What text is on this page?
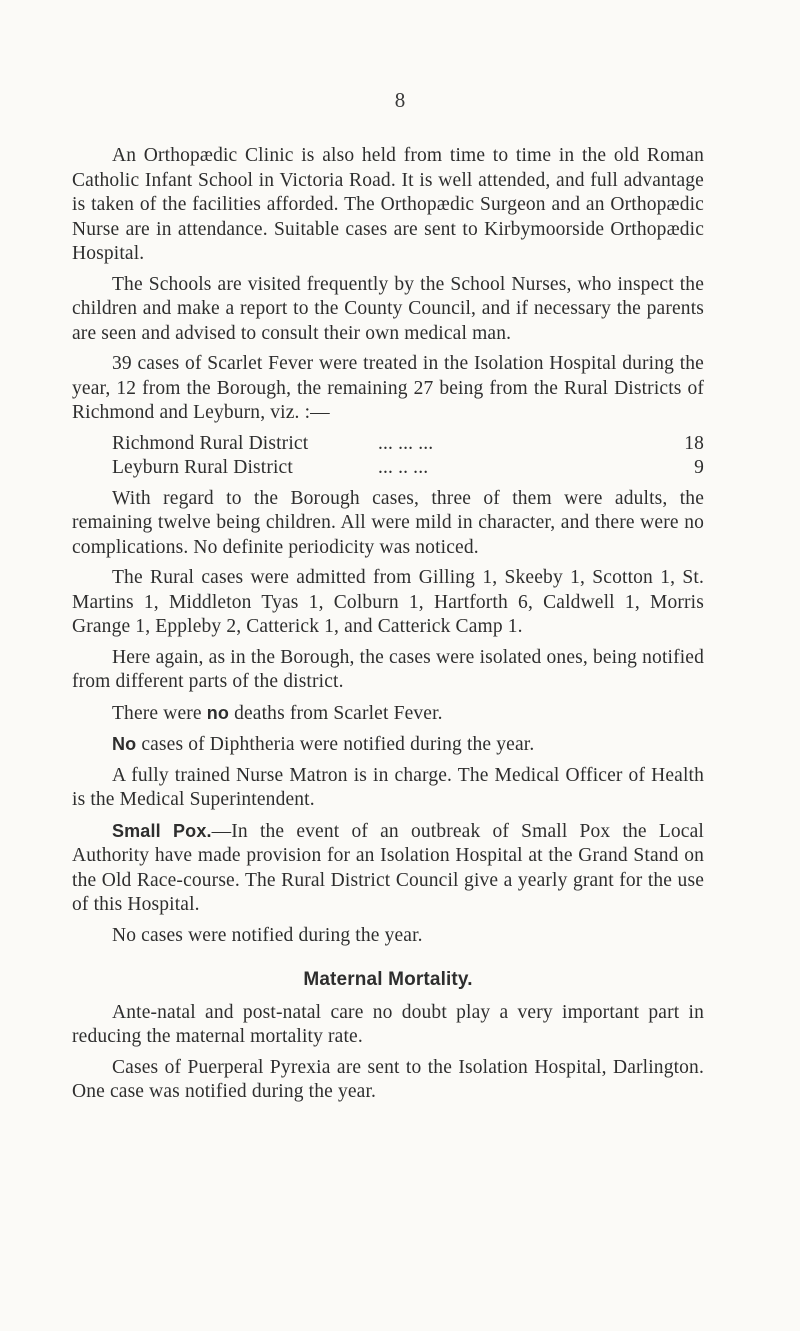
8

An Orthopædic Clinic is also held from time to time in the old Roman Catholic Infant School in Victoria Road. It is well attended, and full advantage is taken of the facilities afforded. The Orthopædic Surgeon and an Orthopædic Nurse are in attendance. Suitable cases are sent to Kirbymoorside Orthopædic Hospital.

The Schools are visited frequently by the School Nurses, who inspect the children and make a report to the County Council, and if necessary the parents are seen and advised to consult their own medical man.

39 cases of Scarlet Fever were treated in the Isolation Hospital during the year, 12 from the Borough, the remaining 27 being from the Rural Districts of Richmond and Leyburn, viz. :—

Richmond Rural District	... ... ...	18
Leyburn Rural District	... .. ...	9

With regard to the Borough cases, three of them were adults, the remaining twelve being children. All were mild in character, and there were no complications. No definite periodicity was noticed.

The Rural cases were admitted from Gilling 1, Skeeby 1, Scotton 1, St. Martins 1, Middleton Tyas 1, Colburn 1, Hartforth 6, Caldwell 1, Morris Grange 1, Eppleby 2, Catterick 1, and Catterick Camp 1.

Here again, as in the Borough, the cases were isolated ones, being notified from different parts of the district.

There were no deaths from Scarlet Fever.

No cases of Diphtheria were notified during the year.

A fully trained Nurse Matron is in charge. The Medical Officer of Health is the Medical Superintendent.

Small Pox.—In the event of an outbreak of Small Pox the Local Authority have made provision for an Isolation Hospital at the Grand Stand on the Old Race-course. The Rural District Council give a yearly grant for the use of this Hospital.

No cases were notified during the year.

Maternal Mortality.

Ante-natal and post-natal care no doubt play a very important part in reducing the maternal mortality rate.

Cases of Puerperal Pyrexia are sent to the Isolation Hospital, Darlington. One case was notified during the year.
